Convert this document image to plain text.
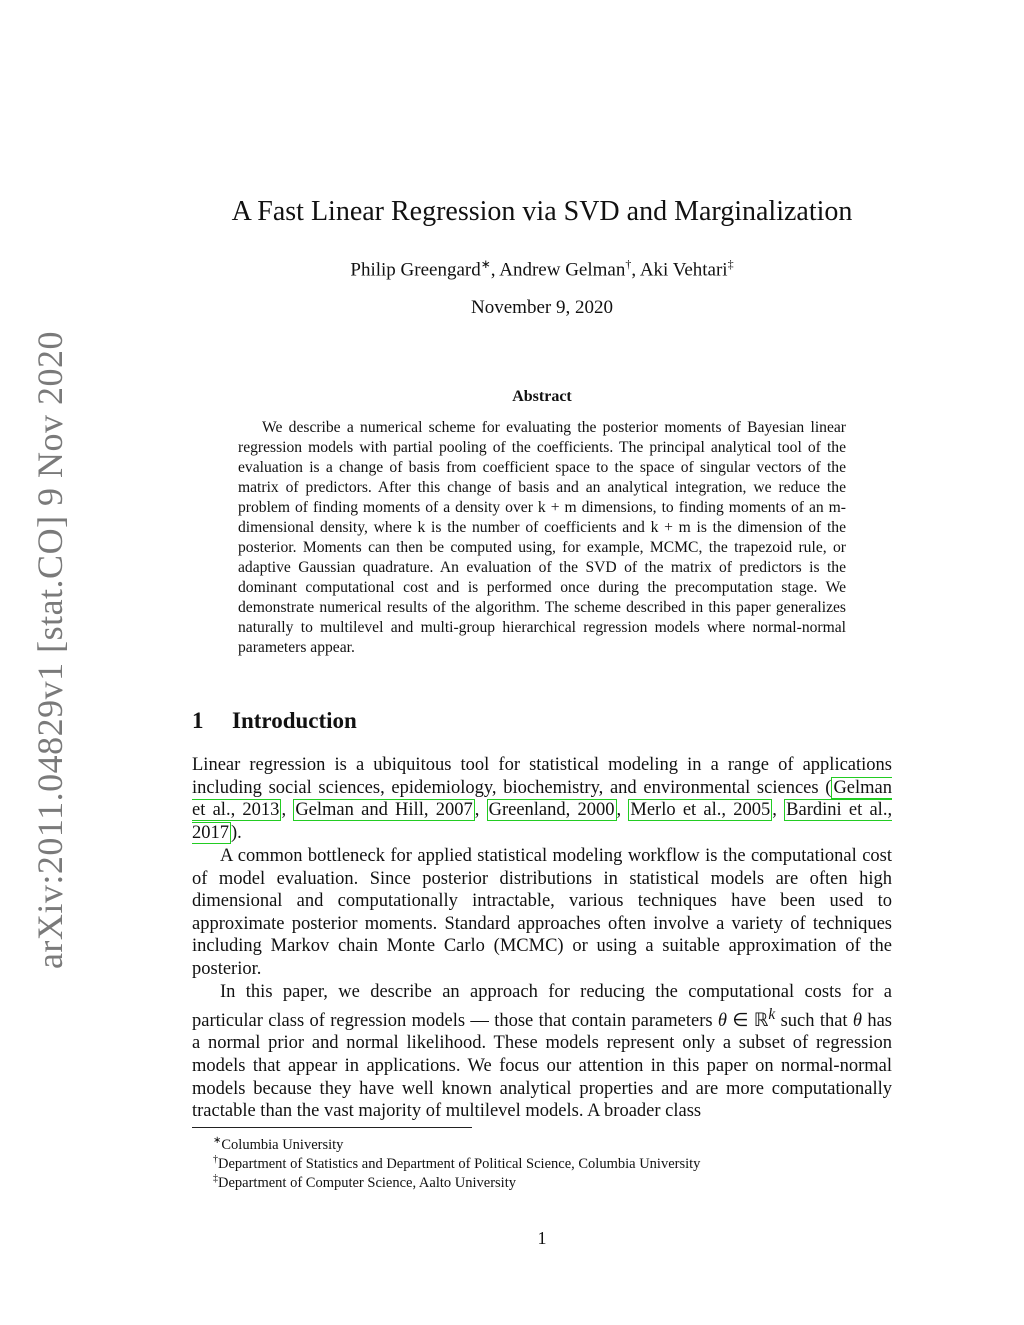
arXiv:2011.04829v1 [stat.CO] 9 Nov 2020
A Fast Linear Regression via SVD and Marginalization
Philip Greengard∗, Andrew Gelman†, Aki Vehtari‡
November 9, 2020
Abstract
We describe a numerical scheme for evaluating the posterior moments of Bayesian linear regression models with partial pooling of the coefficients. The principal analytical tool of the evaluation is a change of basis from coefficient space to the space of singular vectors of the matrix of predictors. After this change of basis and an analytical integration, we reduce the problem of finding moments of a density over k + m dimensions, to finding moments of an m-dimensional density, where k is the number of coefficients and k + m is the dimension of the posterior. Moments can then be computed using, for example, MCMC, the trapezoid rule, or adaptive Gaussian quadrature. An evaluation of the SVD of the matrix of predictors is the dominant computational cost and is performed once during the precomputation stage. We demonstrate numerical results of the algorithm. The scheme described in this paper generalizes naturally to multilevel and multi-group hierarchical regression models where normal-normal parameters appear.
1 Introduction
Linear regression is a ubiquitous tool for statistical modeling in a range of applications including social sciences, epidemiology, biochemistry, and environmental sciences ( Gelman et al., 2013 , Gelman and Hill, 2007 , Greenland, 2000 , Merlo et al., 2005 , Bardini et al., 2017 ).
A common bottleneck for applied statistical modeling workflow is the computational cost of model evaluation. Since posterior distributions in statistical models are often high dimensional and computationally intractable, various techniques have been used to approximate posterior moments. Standard approaches often involve a variety of techniques including Markov chain Monte Carlo (MCMC) or using a suitable approximation of the posterior.
In this paper, we describe an approach for reducing the computational costs for a particular class of regression models — those that contain parameters θ ∈ ℝ$^k$ such that θ has a normal prior and normal likelihood. These models represent only a subset of regression models that appear in applications. We focus our attention in this paper on normal-normal models because they have well known analytical properties and are more computationally tractable than the vast majority of multilevel models. A broader class
∗Columbia University
†Department of Statistics and Department of Political Science, Columbia University
‡Department of Computer Science, Aalto University
1
